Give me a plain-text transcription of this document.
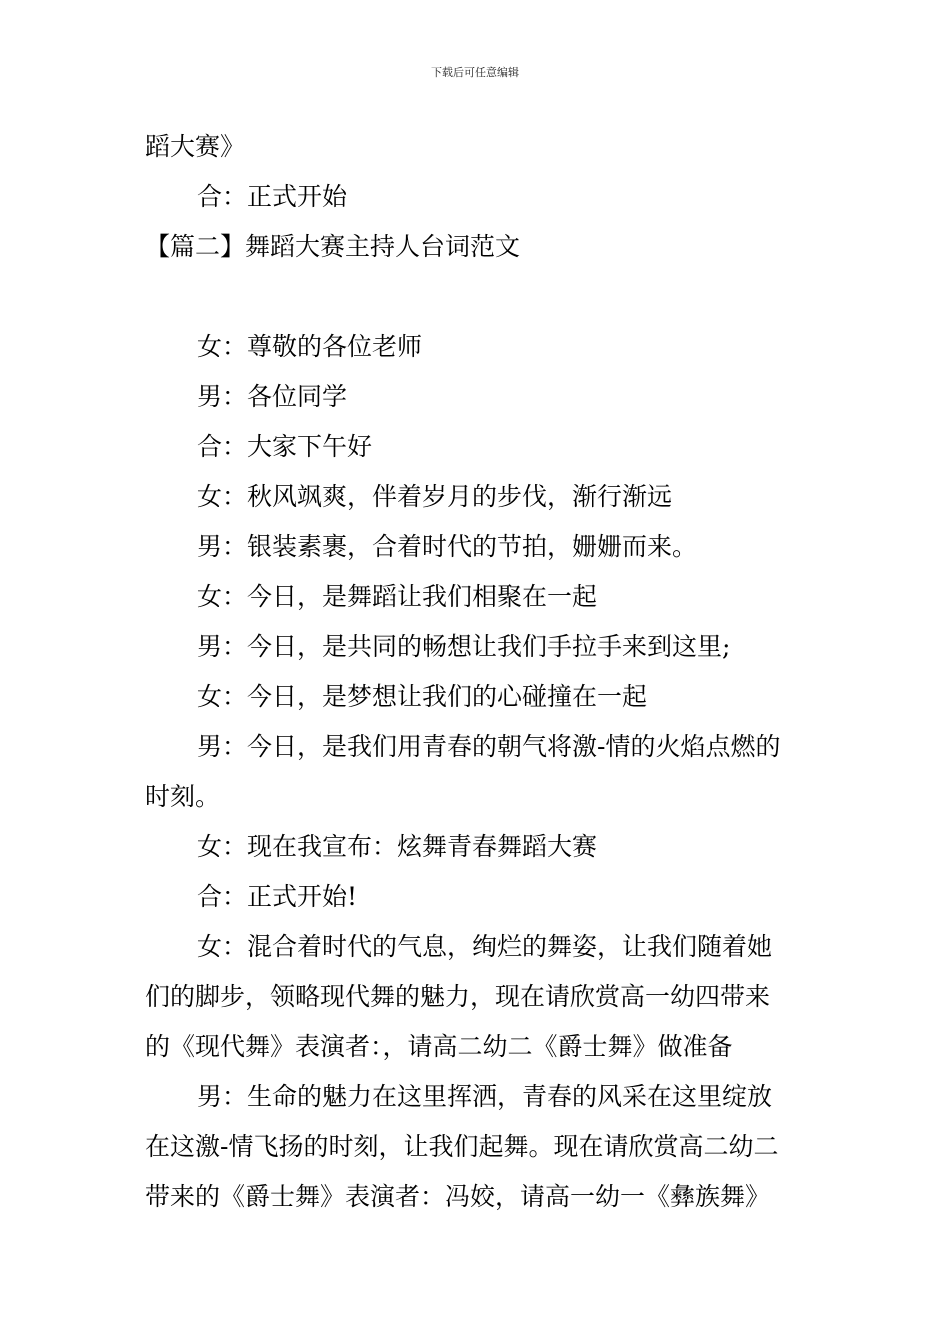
下载后可任意编辑
蹈大赛》
合：正式开始
【篇二】舞蹈大赛主持人台词范文
女：尊敬的各位老师
男：各位同学
合：大家下午好
女：秋风飒爽，伴着岁月的步伐，渐行渐远
男：银装素裹，合着时代的节拍，姗姗而来。
女：今日，是舞蹈让我们相聚在一起
男：今日，是共同的畅想让我们手拉手来到这里;
女：今日，是梦想让我们的心碰撞在一起
男：今日，是我们用青春的朝气将激-情的火焰点燃的
时刻。
女：现在我宣布：炫舞青春舞蹈大赛
合：正式开始!
女：混合着时代的气息，绚烂的舞姿，让我们随着她
们的脚步，领略现代舞的魅力，现在请欣赏高一幼四带来
的《现代舞》表演者：，请高二幼二《爵士舞》做准备
男：生命的魅力在这里挥洒，青春的风采在这里绽放
在这激-情飞扬的时刻，让我们起舞。现在请欣赏高二幼二
带来的《爵士舞》表演者：冯姣，请高一幼一《彝族舞》
